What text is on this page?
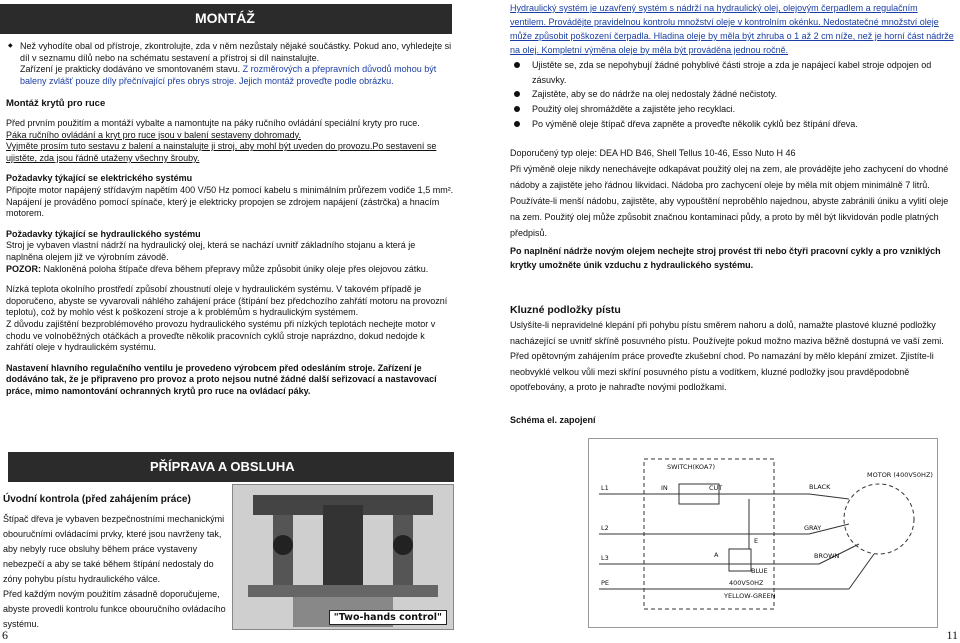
MONTÁŽ
◆ Než vyhodíte obal od přístroje, zkontrolujte, zda v něm nezůstaly nějaké součástky. Pokud ano, vyhledejte si díl v seznamu dílů nebo na schématu sestavení a přístroj si díl nainstalujte.
Zařízení je prakticky dodáváno ve smontovaném stavu. Z rozměrových a přepravních důvodů mohou být baleny zvlášť pouze díly přečnívající přes obrys stroje. Jejich montáž proveďte podle obrázku.
Montáž krytů pro ruce

Před prvním použitím a montáží vybalte a namontujte na páky ručního ovládání speciální kryty pro ruce.

Páka ručního ovládání a kryt pro ruce jsou v balení sestaveny dohromady.

Vyjměte prosím tuto sestavu z balení a nainstalujte ji stroj, aby mohl být uveden do provozu.Po sestavení se ujistěte, zda jsou řádně utaženy všechny šrouby.

Požadavky týkající se elektrického systému

Připojte motor napájený střídavým napětím 400 V/50 Hz pomocí kabelu s minimálním průřezem vodiče 1,5 mm². Napájení je prováděno pomocí spínače, který je elektricky propojen se zdrojem napájení (zástrčka) a hnacím motorem.

Požadavky týkající se hydraulického systému

Stroj je vybaven vlastní nádrží na hydraulický olej, která se nachází uvnitř základního stojanu a která je naplněna olejem již ve výrobním závodě.

POZOR: Nakloněná poloha štípače dřeva během přepravy může způsobit úniky oleje přes olejovou zátku.

Nízká teplota okolního prostředí způsobí zhoustnutí oleje v hydraulickém systému. V takovém případě je doporučeno, abyste se vyvarovali náhlého zahájení práce (štípání bez předchozího zahřátí motoru na provozní teplotu), což by mohlo vést k poškození stroje a k problémům s hydraulickým systémem.

Z důvodu zajištění bezproblémového provozu hydraulického systému při nízkých teplotách nechejte motor v chodu ve volnoběžných otáčkách a proveďte několik pracovních cyklů stroje naprázdno, dokud nedojde k zahřátí oleje v hydraulickém systému.

Nastavení hlavního regulačního ventilu je provedeno výrobcem před odesláním stroje. Zařízení je dodáváno tak, že je připraveno pro provoz a proto nejsou nutné žádné další seřizovací a nastavovací práce, mimo namontování ochranných krytů pro ruce na ovládací páky.

PŘÍPRAVA A OBSLUHA
Úvodní kontrola (před zahájením práce)

Štípač dřeva je vybaven bezpečnostními mechanickými obouručními ovládacími prvky, které jsou navrženy tak, aby nebyly ruce obsluhy během práce vystaveny nebezpečí a aby se také během štípání nedostaly do zóny pohybu pístu hydraulického válce.

Před každým novým použitím zásadně doporučujeme, abyste provedli kontrolu funkce obouručního ovládacího systému.

"Two-hands control"
6

Hydraulický systém je uzavřený systém s nádrží na hydraulický olej, olejovým čerpadlem a regulačním ventilem. Provádějte pravidelnou kontrolu množství oleje v kontrolním okénku. Nedostatečné množství oleje může způsobit poškození čerpadla. Hladina oleje by měla být zhruba o 1 až 2 cm níže, než je horní část nádrže na olej. Kompletní výměna oleje by měla být prováděna jednou ročně.

Ujistěte se, zda se nepohybují žádné pohyblivé části stroje a zda je napájecí kabel stroje odpojen od zásuvky.
Zajistěte, aby se do nádrže na olej nedostaly žádné nečistoty.
Použitý olej shromážděte a zajistěte jeho recyklaci.
Po výměně oleje štípač dřeva zapněte a proveďte několik cyklů bez štípání dřeva.

Doporučený typ oleje: DEA HD B46, Shell Tellus 10-46, Esso Nuto H 46

Při výměně oleje nikdy nenechávejte odkapávat použitý olej na zem, ale provádějte jeho zachycení do vhodné nádoby a zajistěte jeho řádnou likvidaci. Nádoba pro zachycení oleje by měla mít objem minimálně 7 litrů. Používáte-li menší nádobu, zajistěte, aby vypouštění neproběhlo najednou, abyste zabránili úniku a vylití oleje na zem. Použitý olej může způsobit značnou kontaminaci půdy, a proto by měl být likvidován podle platných předpisů.

Po naplnění nádrže novým olejem nechejte stroj provést tři nebo čtyři pracovní cykly a pro vzniklých krytky umožněte únik vzduchu z hydraulického systému.

Kluzné podložky pístu

Uslyšíte-li nepravidelné klepání při pohybu pístu směrem nahoru a dolů, namažte plastové kluzné podložky nacházející se uvnitř skříně posuvného pístu. Používejte pokud možno maziva běžně dostupná ve vaší zemi.

Před opětovným zahájením práce proveďte zkušební chod. Po namazání by mělo klepání zmizet. Zjistíte-li neobvyklé velkou vůli mezi skříní posuvného pístu a vodítkem, kluzné podložky jsou pravděpodobně opotřebovány, a proto je nahraďte novými podložkami.

Schéma el. zapojení
SWITCH(KOA7)
MOTOR (400V50HZ)
L1	IN	CUT	BLACK
L2	GRAY
L3	BROWN
PE
A
BLUE
400V50HZ
YELLOW-GREEN
E
11
